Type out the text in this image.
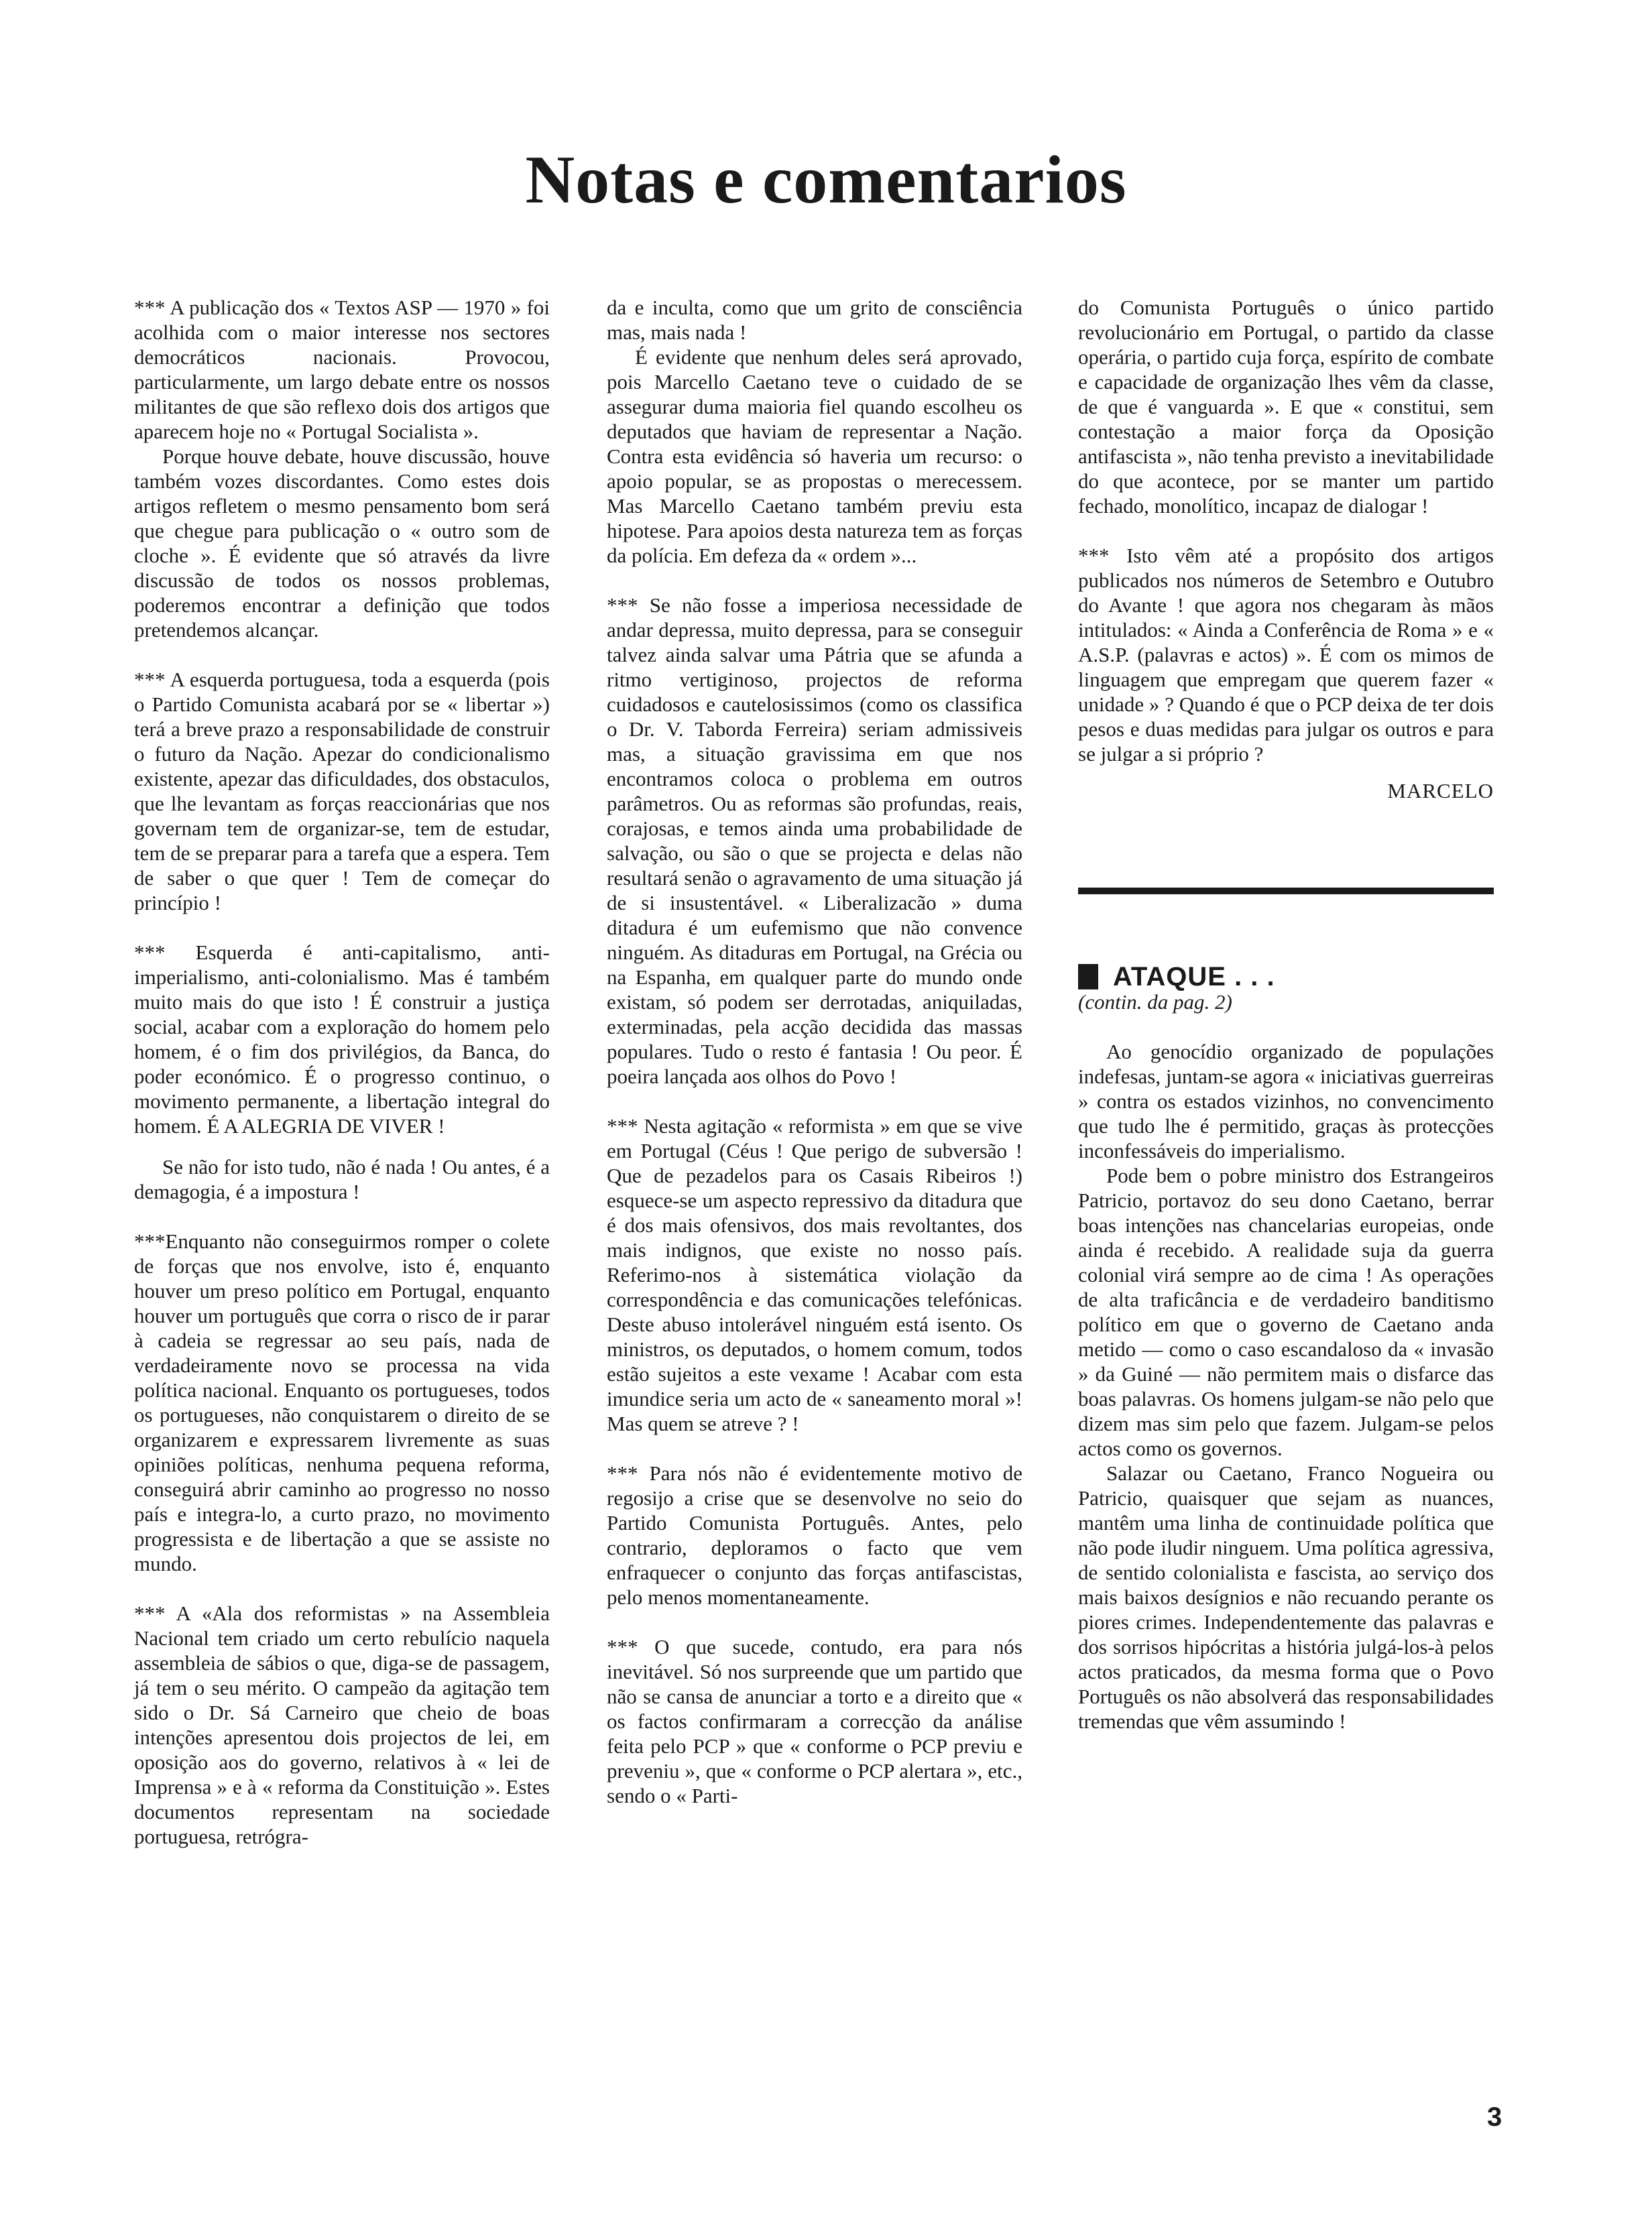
Notas e comentarios

*** A publicação dos « Textos ASP — 1970 » foi acolhida com o maior interesse nos sectores democráticos nacionais. Provocou, particularmente, um largo debate entre os nossos militantes de que são reflexo dois dos artigos que aparecem hoje no « Portugal Socialista ».

Porque houve debate, houve discussão, houve também vozes discordantes. Como estes dois artigos refletem o mesmo pensamento bom será que chegue para publicação o « outro som de cloche ». É evidente que só através da livre discussão de todos os nossos problemas, poderemos encontrar a definição que todos pretendemos alcançar.

*** A esquerda portuguesa, toda a esquerda (pois o Partido Comunista acabará por se « libertar ») terá a breve prazo a responsabilidade de construir o futuro da Nação. Apezar do condicionalismo existente, apezar das dificuldades, dos obstaculos, que lhe levantam as forças reaccionárias que nos governam tem de organizar-se, tem de estudar, tem de se preparar para a tarefa que a espera. Tem de saber o que quer ! Tem de começar do princípio !

*** Esquerda é anti-capitalismo, anti-imperialismo, anti-colonialismo. Mas é também muito mais do que isto ! É construir a justiça social, acabar com a exploração do homem pelo homem, é o fim dos privilégios, da Banca, do poder económico. É o progresso continuo, o movimento permanente, a libertação integral do homem. É A ALEGRIA DE VIVER !

Se não for isto tudo, não é nada ! Ou antes, é a demagogia, é a impostura !

***Enquanto não conseguirmos romper o colete de forças que nos envolve, isto é, enquanto houver um preso político em Portugal, enquanto houver um português que corra o risco de ir parar à cadeia se regressar ao seu país, nada de verdadeiramente novo se processa na vida política nacional. Enquanto os portugueses, todos os portugueses, não conquistarem o direito de se organizarem e expressarem livremente as suas opiniões políticas, nenhuma pequena reforma, conseguirá abrir caminho ao progresso no nosso país e integra-lo, a curto prazo, no movimento progressista e de libertação a que se assiste no mundo.

*** A «Ala dos reformistas » na Assembleia Nacional tem criado um certo rebulício naquela assembleia de sábios o que, diga-se de passagem, já tem o seu mérito. O campeão da agitação tem sido o Dr. Sá Carneiro que cheio de boas intenções apresentou dois projectos de lei, em oposição aos do governo, relativos à « lei de Imprensa » e à « reforma da Constituição ». Estes documentos representam na sociedade portuguesa, retrógra-

da e inculta, como que um grito de consciência mas, mais nada !

É evidente que nenhum deles será aprovado, pois Marcello Caetano teve o cuidado de se assegurar duma maioria fiel quando escolheu os deputados que haviam de representar a Nação. Contra esta evidência só haveria um recurso: o apoio popular, se as propostas o merecessem. Mas Marcello Caetano também previu esta hipotese. Para apoios desta natureza tem as forças da polícia. Em defeza da « ordem »...

*** Se não fosse a imperiosa necessidade de andar depressa, muito depressa, para se conseguir talvez ainda salvar uma Pátria que se afunda a ritmo vertiginoso, projectos de reforma cuidadosos e cautelosissimos (como os classifica o Dr. V. Taborda Ferreira) seriam admissiveis mas, a situação gravissima em que nos encontramos coloca o problema em outros parâmetros. Ou as reformas são profundas, reais, corajosas, e temos ainda uma probabilidade de salvação, ou são o que se projecta e delas não resultará senão o agravamento de uma situação já de si insustentável. « Liberalizacão » duma ditadura é um eufemismo que não convence ninguém. As ditaduras em Portugal, na Grécia ou na Espanha, em qualquer parte do mundo onde existam, só podem ser derrotadas, aniquiladas, exterminadas, pela acção decidida das massas populares. Tudo o resto é fantasia ! Ou peor. É poeira lançada aos olhos do Povo !

*** Nesta agitação « reformista » em que se vive em Portugal (Céus ! Que perigo de subversão ! Que de pezadelos para os Casais Ribeiros !) esquece-se um aspecto repressivo da ditadura que é dos mais ofensivos, dos mais revoltantes, dos mais indignos, que existe no nosso país. Referimo-nos à sistemática violação da correspondência e das comunicações telefónicas. Deste abuso intolerável ninguém está isento. Os ministros, os deputados, o homem comum, todos estão sujeitos a este vexame ! Acabar com esta imundice seria um acto de « saneamento moral »! Mas quem se atreve ? !

*** Para nós não é evidentemente motivo de regosijo a crise que se desenvolve no seio do Partido Comunista Português. Antes, pelo contrario, deploramos o facto que vem enfraquecer o conjunto das forças antifascistas, pelo menos momentaneamente.

*** O que sucede, contudo, era para nós inevitável. Só nos surpreende que um partido que não se cansa de anunciar a torto e a direito que « os factos confirmaram a correcção da análise feita pelo PCP » que « conforme o PCP previu e preveniu », que « conforme o PCP alertara », etc., sendo o « Parti-

do Comunista Português o único partido revolucionário em Portugal, o partido da classe operária, o partido cuja força, espírito de combate e capacidade de organização lhes vêm da classe, de que é vanguarda ». E que « constitui, sem contestação a maior força da Oposição antifascista », não tenha previsto a inevitabilidade do que acontece, por se manter um partido fechado, monolítico, incapaz de dialogar !

*** Isto vêm até a propósito dos artigos publicados nos números de Setembro e Outubro do Avante ! que agora nos chegaram às mãos intitulados: « Ainda a Conferência de Roma » e « A.S.P. (palavras e actos) ». É com os mimos de linguagem que empregam que querem fazer « unidade » ? Quando é que o PCP deixa de ter dois pesos e duas medidas para julgar os outros e para se julgar a si próprio ?

MARCELO
ATAQUE . . .

(contin. da pag. 2)

Ao genocídio organizado de populações indefesas, juntam-se agora « iniciativas guerreiras » contra os estados vizinhos, no convencimento que tudo lhe é permitido, graças às protecções inconfessáveis do imperialismo.

Pode bem o pobre ministro dos Estrangeiros Patricio, portavoz do seu dono Caetano, berrar boas intenções nas chancelarias europeias, onde ainda é recebido. A realidade suja da guerra colonial virá sempre ao de cima ! As operações de alta traficância e de verdadeiro banditismo político em que o governo de Caetano anda metido — como o caso escandaloso da « invasão » da Guiné — não permitem mais o disfarce das boas palavras. Os homens julgam-se não pelo que dizem mas sim pelo que fazem. Julgam-se pelos actos como os governos.

Salazar ou Caetano, Franco Nogueira ou Patricio, quaisquer que sejam as nuances, mantêm uma linha de continuidade política que não pode iludir ninguem. Uma política agressiva, de sentido colonialista e fascista, ao serviço dos mais baixos desígnios e não recuando perante os piores crimes. Independentemente das palavras e dos sorrisos hipócritas a história julgá-los-à pelos actos praticados, da mesma forma que o Povo Português os não absolverá das responsabilidades tremendas que vêm assumindo !

3
